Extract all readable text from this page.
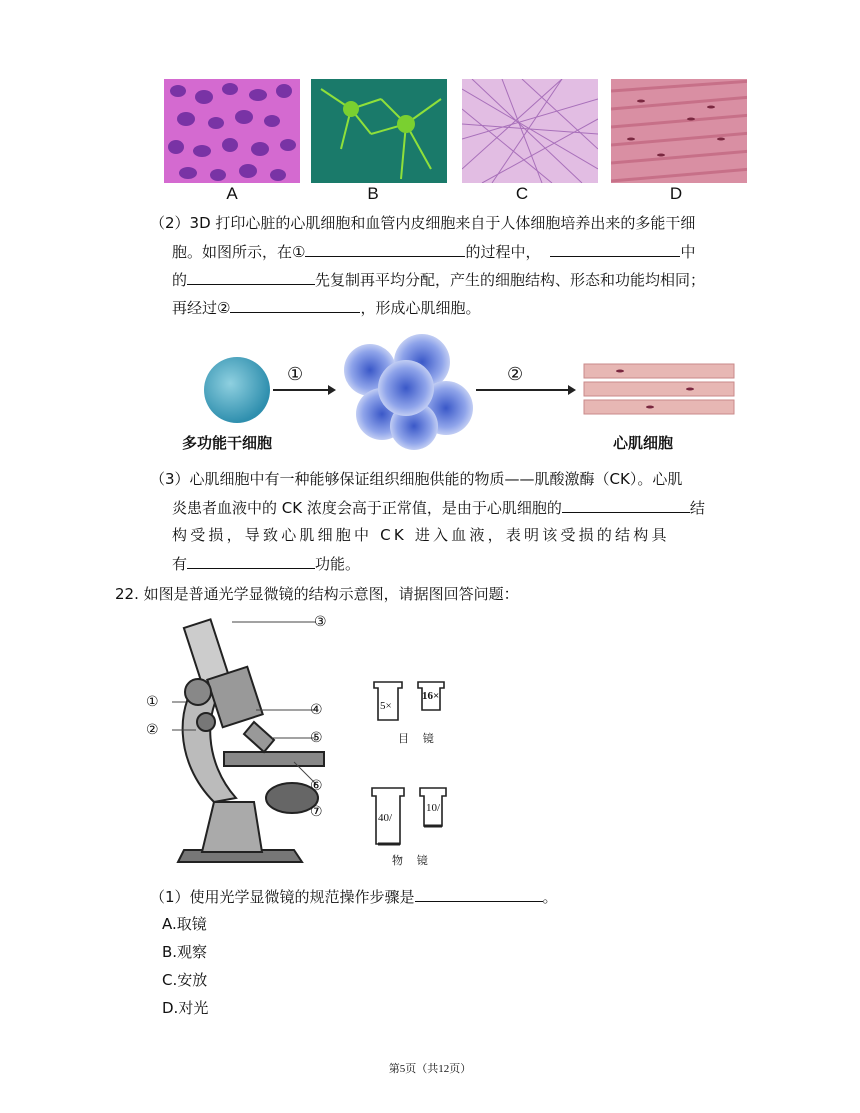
A	B	C	D
（2）3D 打印心脏的心肌细胞和血管内皮细胞来自于人体细胞培养出来的多能干细
胞。如图所示，在①	的过程中，	中
的	先复制再平均分配，产生的细胞结构、形态和功能均相同；
再经过②	，形成心肌细胞。
①	②
多功能干细胞	心肌细胞
（3）心肌细胞中有一种能够保证组织细胞供能的物质——肌酸激酶（CK）。心肌
炎患者血液中的 CK 浓度会高于正常值，是由于心肌细胞的	结
构受损，导致心肌细胞中 CK 进入血液，表明该受损的结构具
有	功能。
22. 如图是普通光学显微镜的结构示意图，请据图回答问题：
①
②
③
④
⑤
⑥
⑦
5×
16×
目     镜
40/
10/
物     镜
（1）使用光学显微镜的规范操作步骤是	。
A.取镜
B.观察
C.安放
D.对光
第5页（共12页）
